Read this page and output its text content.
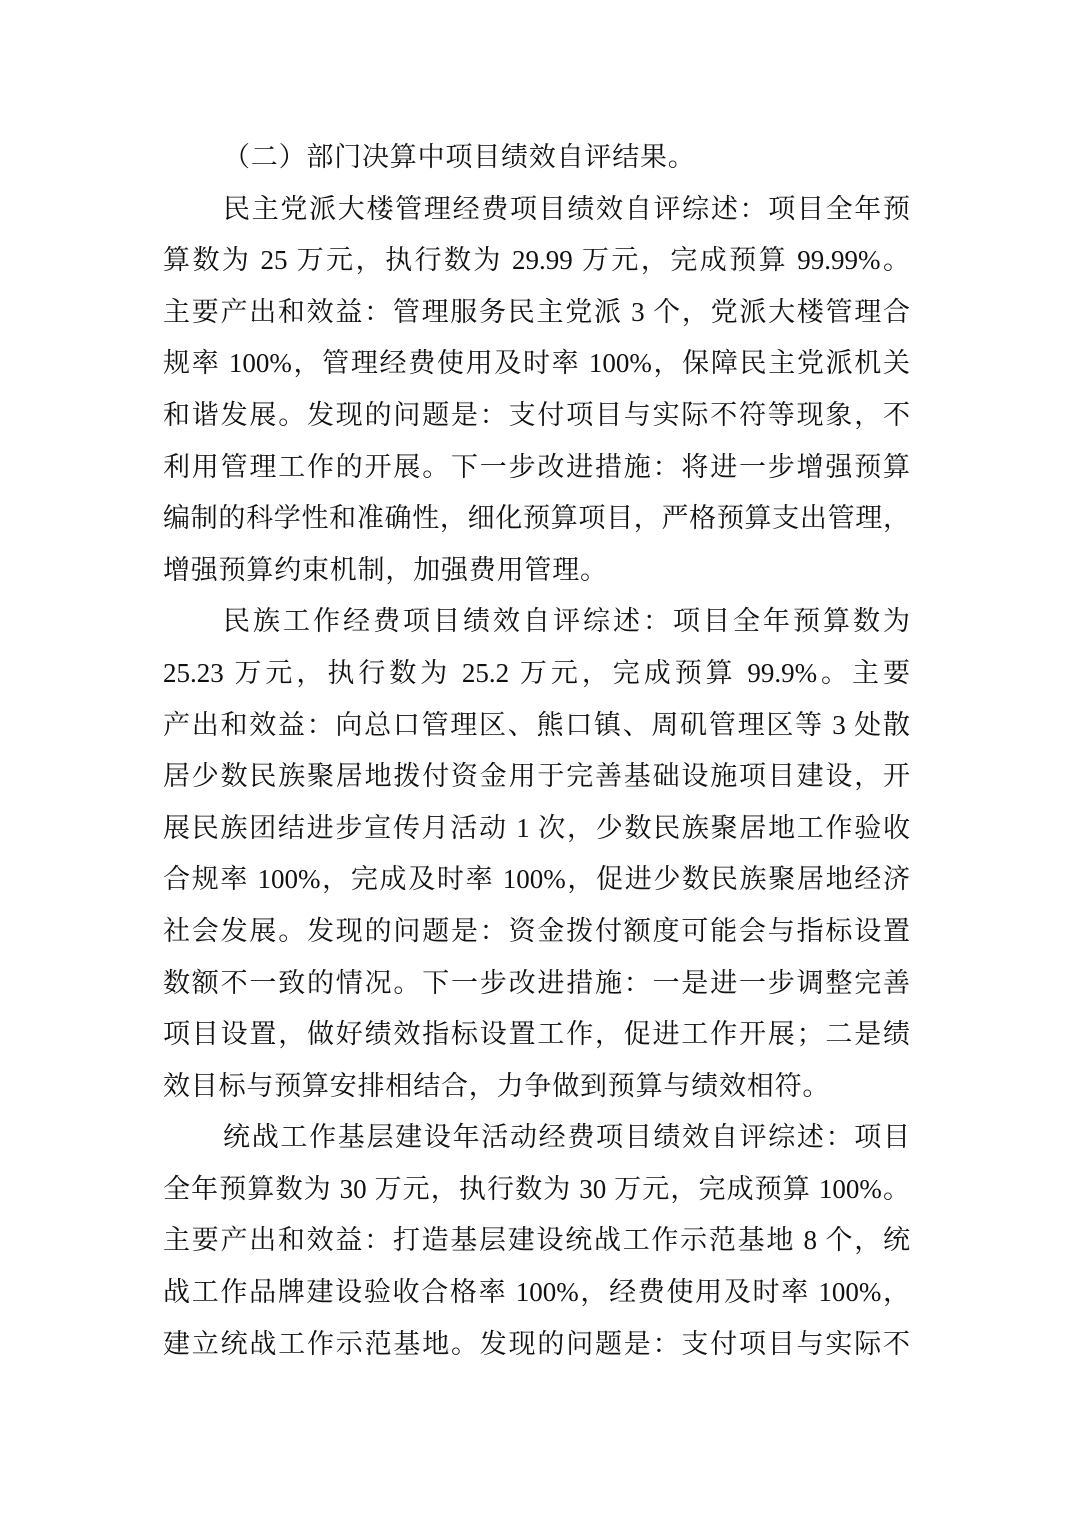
（二）部门决算中项目绩效自评结果。
民主党派大楼管理经费项目绩效自评综述：项目全年预
算数为 25 万元，执行数为 29.99 万元，完成预算 99.99%。
主要产出和效益：管理服务民主党派 3 个，党派大楼管理合
规率 100%，管理经费使用及时率 100%，保障民主党派机关
和谐发展。发现的问题是：支付项目与实际不符等现象，不
利用管理工作的开展。下一步改进措施：将进一步增强预算
编制的科学性和准确性，细化预算项目，严格预算支出管理，
增强预算约束机制，加强费用管理。
民族工作经费项目绩效自评综述：项目全年预算数为
25.23 万元，执行数为 25.2 万元，完成预算 99.9%。主要
产出和效益：向总口管理区、熊口镇、周矶管理区等 3 处散
居少数民族聚居地拨付资金用于完善基础设施项目建设，开
展民族团结进步宣传月活动 1 次，少数民族聚居地工作验收
合规率 100%，完成及时率 100%，促进少数民族聚居地经济
社会发展。发现的问题是：资金拨付额度可能会与指标设置
数额不一致的情况。下一步改进措施：一是进一步调整完善
项目设置，做好绩效指标设置工作，促进工作开展；二是绩
效目标与预算安排相结合，力争做到预算与绩效相符。
统战工作基层建设年活动经费项目绩效自评综述：项目
全年预算数为 30 万元，执行数为 30 万元，完成预算 100%。
主要产出和效益：打造基层建设统战工作示范基地 8 个，统
战工作品牌建设验收合格率 100%，经费使用及时率 100%，
建立统战工作示范基地。发现的问题是：支付项目与实际不
